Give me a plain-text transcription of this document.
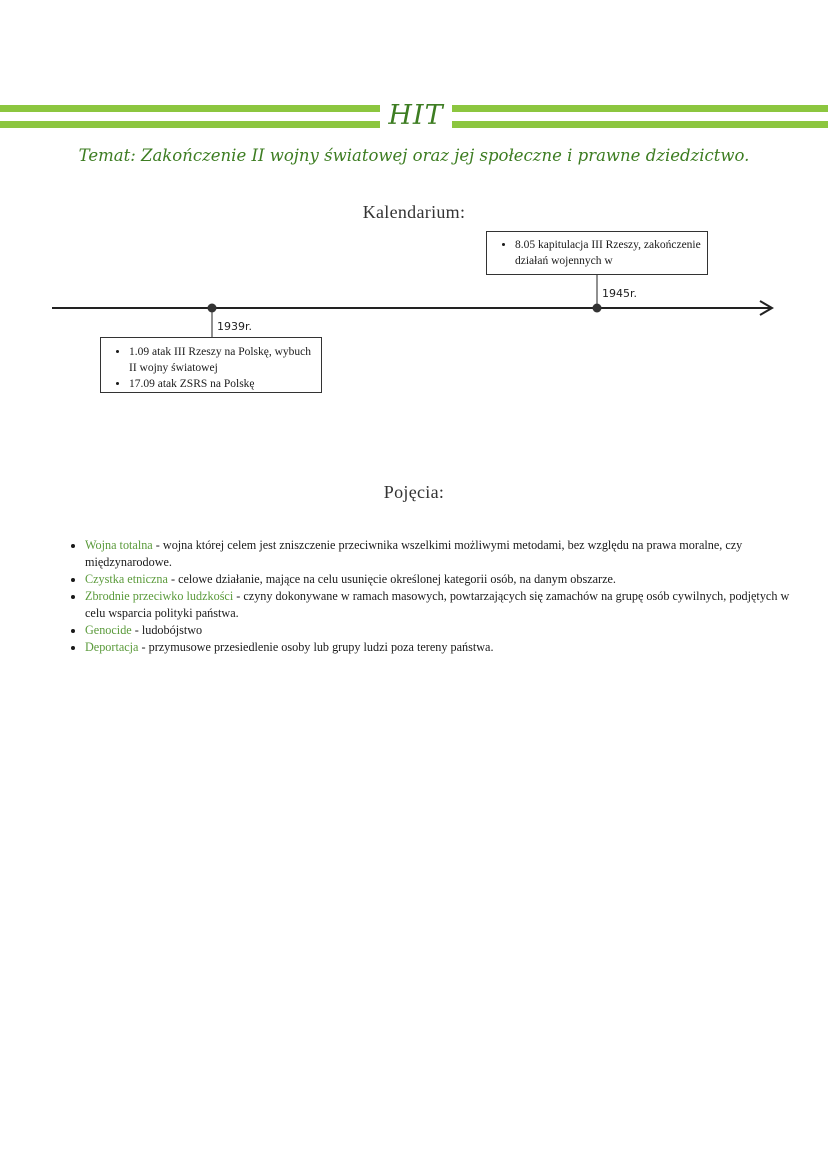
HIT
Temat: Zakończenie II wojny światowej oraz jej społeczne i prawne dziedzictwo.
Kalendarium:
1939r.
1945r.
• 1.09 atak III Rzeszy na Polskę, wybuch II wojny światowej
• 17.09 atak ZSRS na Polskę
• 8.05 kapitulacja III Rzeszy, zakończenie działań wojennych w
Pojęcia:
• Wojna totalna - wojna której celem jest zniszczenie przeciwnika wszelkimi możliwymi metodami, bez względu na prawa moralne, czy międzynarodowe.
• Czystka etniczna - celowe działanie, mające na celu usunięcie określonej kategorii osób, na danym obszarze.
• Zbrodnie przeciwko ludzkości - czyny dokonywane w ramach masowych, powtarzających się zamachów na grupę osób cywilnych, podjętych w celu wsparcia polityki państwa.
• Genocide - ludobójstwo
• Deportacja - przymusowe przesiedlenie osoby lub grupy ludzi poza tereny państwa.
